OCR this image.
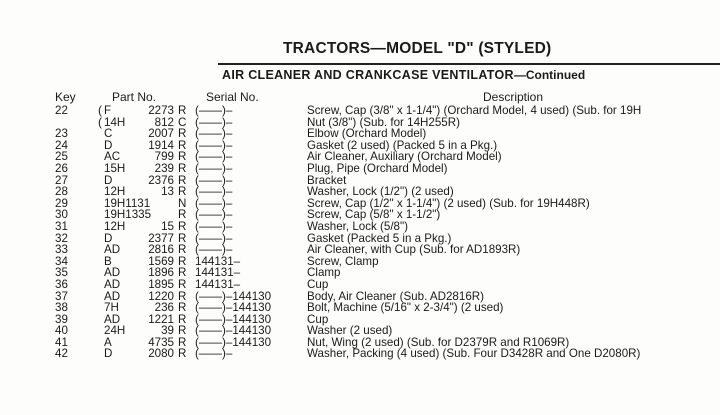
TRACTORS—MODEL "D" (STYLED)
AIR CLEANER AND CRANKCASE VENTILATOR—Continued
Key	Part No.	Serial No.	Description
22	( F	2273 R (——)–	Screw, Cap (3/8" x 1-1/4") (Orchard Model, 4 used) (Sub. for 19H
( 14H	812 C (——)–	Nut (3/8") (Sub. for 14H255R)
23	C	2007 R (——)–	Elbow (Orchard Model)
24	D	1914 R (——)–	Gasket (2 used) (Packed 5 in a Pkg.)
25	AC	799 R (——)–	Air Cleaner, Auxiliary (Orchard Model)
26	15H	239 R (——)–	Plug, Pipe (Orchard Model)
27	D	2376 R (——)–	Bracket
28	12H	13 R (——)–	Washer, Lock (1/2") (2 used)
29	19H1131 N (——)–	Screw, Cap (1/2" x 1-1/4") (2 used) (Sub. for 19H448R)
30	19H1335 R (——)–	Screw, Cap (5/8" x 1-1/2")
31	12H	15 R (——)–	Washer, Lock (5/8")
32	D	2377 R (——)–	Gasket (Packed 5 in a Pkg.)
33	AD	2816 R (——)–	Air Cleaner, with Cup (Sub. for AD1893R)
34	B	1569 R 144131–	Screw, Clamp
35	AD	1896 R 144131–	Clamp
36	AD	1895 R 144131–	Cup
37	AD	1220 R (——)–144130	Body, Air Cleaner (Sub. AD2816R)
38	7H	236 R (——)–144130	Bolt, Machine (5/16" x 2-3/4") (2 used)
39	AD	1221 R (——)–144130	Cup
40	24H	39 R (——)–144130	Washer (2 used)
41	A	4735 R (——)–144130	Nut, Wing (2 used) (Sub. for D2379R and R1069R)
42	D	2080 R (——)–	Washer, Packing (4 used) (Sub. Four D3428R and One D2080R)
